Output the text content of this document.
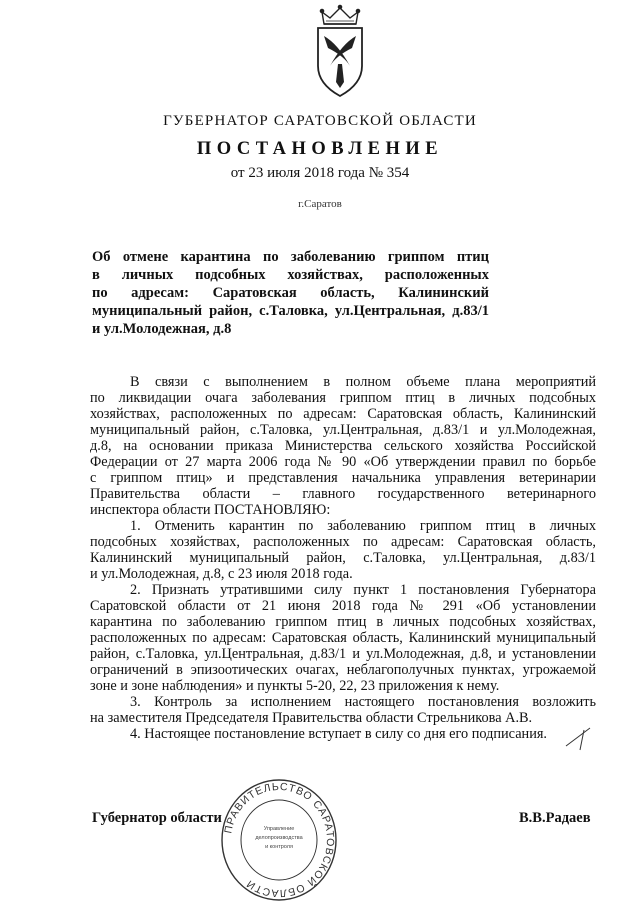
ГУБЕРНАТОР САРАТОВСКОЙ ОБЛАСТИ
ПОСТАНОВЛЕНИЕ
от 23 июля 2018 года № 354
г.Саратов
Об отмене карантина по заболеванию гриппом птиц
в личных подсобных хозяйствах, расположенных
по адресам: Саратовская область, Калининский
муниципальный район, с.Таловка, ул.Центральная, д.83/1
и ул.Молодежная, д.8
В связи с выполнением в полном объеме плана мероприятий
по ликвидации очага заболевания гриппом птиц в личных подсобных
хозяйствах, расположенных по адресам: Саратовская область, Калининский
муниципальный район, с.Таловка, ул.Центральная, д.83/1 и ул.Молодежная,
д.8, на основании приказа Министерства сельского хозяйства Российской
Федерации от 27 марта 2006 года № 90 «Об утверждении правил по борьбе
с гриппом птиц» и представления начальника управления ветеринарии
Правительства области – главного государственного ветеринарного
инспектора области ПОСТАНОВЛЯЮ:
1. Отменить карантин по заболеванию гриппом птиц в личных
подсобных хозяйствах, расположенных по адресам: Саратовская область,
Калининский муниципальный район, с.Таловка, ул.Центральная, д.83/1
и ул.Молодежная, д.8, с 23 июля 2018 года.
2. Признать утратившими силу пункт 1 постановления Губернатора
Саратовской области от 21 июня 2018 года № 291 «Об установлении
карантина по заболеванию гриппом птиц в личных подсобных хозяйствах,
расположенных по адресам: Саратовская область, Калининский муниципальный
район, с.Таловка, ул.Центральная, д.83/1 и ул.Молодежная, д.8, и установлении
ограничений в эпизоотических очагах, неблагополучных пунктах, угрожаемой
зоне и зоне наблюдения» и пункты 5-20, 22, 23 приложения к нему.
3. Контроль за исполнением настоящего постановления возложить
на заместителя Председателя Правительства области Стрельникова А.В.
4. Настоящее постановление вступает в силу со дня его подписания.
Губернатор области	В.В.Радаев
ПРАВИТЕЛЬСТВО САРАТОВСКОЙ ОБЛАСТИ
Управление
делопроизводства
и контроля
